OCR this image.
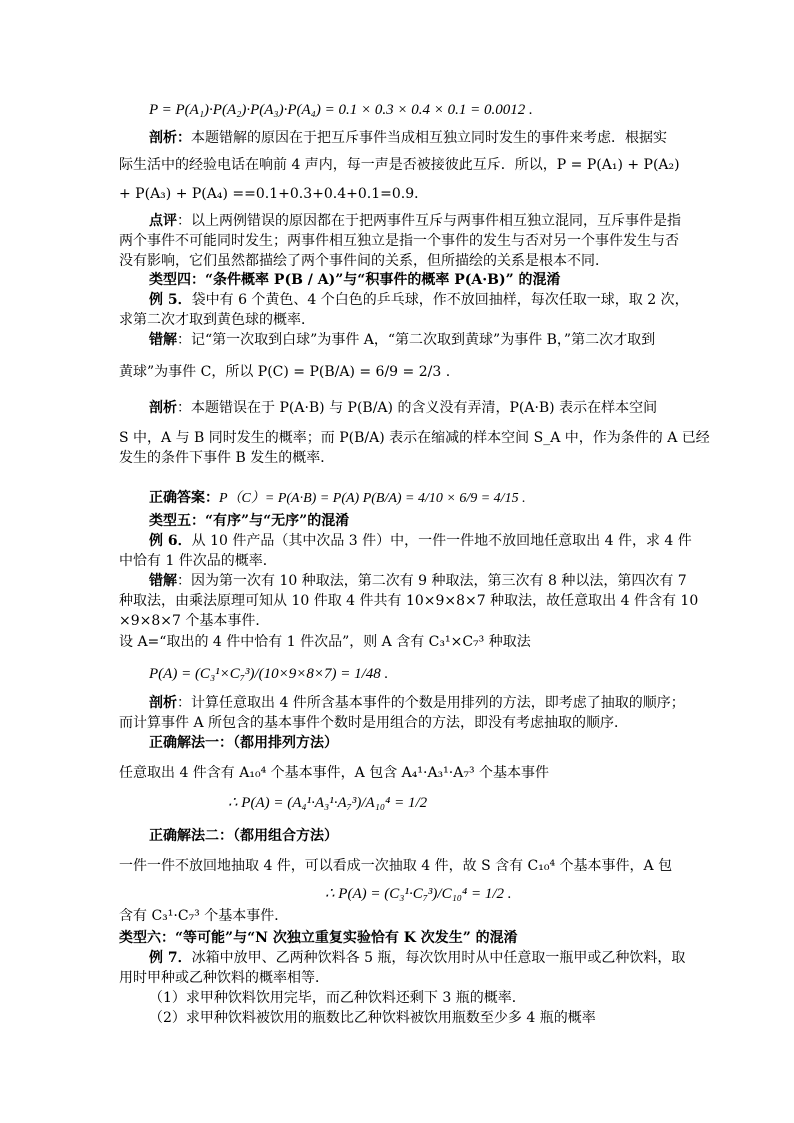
P = P(A₁)·P(A₂)·P(A₃)·P(A₄) = 0.1 × 0.3 × 0.4 × 0.1 = 0.0012 .
剖析：本题错解的原因在于把互斥事件当成相互独立同时发生的事件来考虑．根据实
际生活中的经验电话在响前 4 声内，每一声是否被接彼此互斥．所以，P = P(A₁) + P(A₂)
+ P(A₃) + P(A₄) ==0.1+0.3+0.4+0.1=0.9．
点评：以上两例错误的原因都在于把两事件互斥与两事件相互独立混同，互斥事件是指
两个事件不可能同时发生；两事件相互独立是指一个事件的发生与否对另一个事件发生与否
没有影响，它们虽然都描绘了两个事件间的关系，但所描绘的关系是根本不同．
类型四：“条件概率 P(B / A)”与“积事件的概率 P(A·B)” 的混淆
例 5．袋中有 6 个黄色、4 个白色的乒乓球，作不放回抽样，每次任取一球，取 2 次，
求第二次才取到黄色球的概率．
错解：记“第一次取到白球”为事件 A，“第二次取到黄球”为事件 B，”第二次才取到
黄球”为事件 C，所以 P(C) = P(B/A) = 6/9 = 2/3 .
剖析：本题错误在于 P(A·B) 与 P(B/A) 的含义没有弄清，P(A·B) 表示在样本空间
S 中，A 与 B 同时发生的概率；而 P(B/A) 表示在缩减的样本空间 S_A 中，作为条件的 A 已经
发生的条件下事件 B 发生的概率．
正确答案：P（C）= P(A·B) = P(A) P(B/A) = 4/10 × 6/9 = 4/15 .
类型五：“有序”与“无序”的混淆
例 6．从 10 件产品（其中次品 3 件）中，一件一件地不放回地任意取出 4 件，求 4 件
中恰有 1 件次品的概率．
错解：因为第一次有 10 种取法，第二次有 9 种取法，第三次有 8 种以法，第四次有 7
种取法，由乘法原理可知从 10 件取 4 件共有 10×9×8×7 种取法，故任意取出 4 件含有 10
×9×8×7 个基本事件．
设 A=“取出的 4 件中恰有 1 件次品”，则 A 含有 C₃¹×C₇³ 种取法
P(A) = (C₃¹×C₇³)/(10×9×8×7) = 1/48 .
剖析：计算任意取出 4 件所含基本事件的个数是用排列的方法，即考虑了抽取的顺序；
而计算事件 A 所包含的基本事件个数时是用组合的方法，即没有考虑抽取的顺序．
正确解法一：（都用排列方法）
任意取出 4 件含有 A₁₀⁴ 个基本事件，A 包含 A₄¹·A₃¹·A₇³ 个基本事件
∴ P(A) = (A₄¹·A₃¹·A₇³)/A₁₀⁴ = 1/2
正确解法二：（都用组合方法）
一件一件不放回地抽取 4 件，可以看成一次抽取 4 件，故 S 含有 C₁₀⁴ 个基本事件，A 包
∴ P(A) = (C₃¹·C₇³)/C₁₀⁴ = 1/2 .
含有 C₃¹·C₇³ 个基本事件．
类型六：“等可能”与“N 次独立重复实验恰有 K 次发生” 的混淆
例 7．冰箱中放甲、乙两种饮料各 5 瓶，每次饮用时从中任意取一瓶甲或乙种饮料，取
用时甲种或乙种饮料的概率相等．
（1）求甲种饮料饮用完毕，而乙种饮料还剩下 3 瓶的概率．
（2）求甲种饮料被饮用的瓶数比乙种饮料被饮用瓶数至少多 4 瓶的概率
